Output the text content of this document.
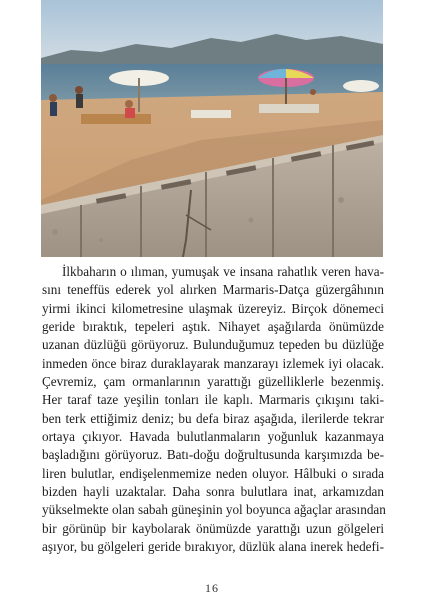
İlkbaharın o ılıman, yumuşak ve insana rahatlık veren hava-
sını teneffüs ederek yol alırken Marmaris-Datça güzergâhının
yirmi ikinci kilometresine ulaşmak üzereyiz. Birçok dönemeci
geride bıraktık, tepeleri aştık. Nihayet aşağılarda önümüzde
uzanan düzlüğü görüyoruz. Bulunduğumuz tepeden bu düzlüğe
inmeden önce biraz duraklayarak manzarayı izlemek iyi olacak.
Çevremiz, çam ormanlarının yarattığı güzelliklerle bezenmiş.
Her taraf taze yeşilin tonları ile kaplı. Marmaris çıkışını taki-
ben terk ettiğimiz deniz; bu defa biraz aşağıda, ilerilerde tekrar
ortaya çıkıyor. Havada bulutlanmaların yoğunluk kazanmaya
başladığını görüyoruz. Batı-doğu doğrultusunda karşımızda be-
liren bulutlar, endişelenmemize neden oluyor. Hâlbuki o sırada
bizden hayli uzaktalar. Daha sonra bulutlara inat, arkamızdan
yükselmekte olan sabah güneşinin yol boyunca ağaçlar arasından
bir görünüp bir kaybolarak önümüzde yarattığı uzun gölgeleri
aşıyor, bu gölgeleri geride bırakıyor, düzlük alana inerek hedefi-
16
